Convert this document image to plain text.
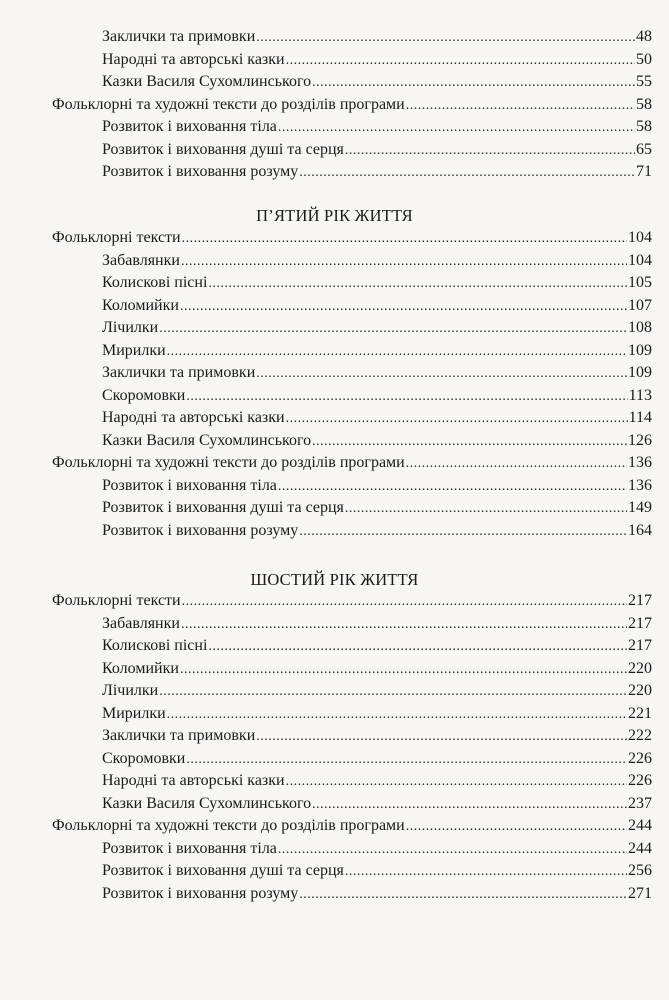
Заклички та примовки .....	48
Народні та авторські казки .....	50
Казки Василя Сухомлинського .....	55
Фольклорні та художні тексти до розділів програми .....	58
Розвиток і виховання тіла .....	58
Розвиток і виховання душі та серця .....	65
Розвиток і виховання розуму .....	71
П’ЯТИЙ РІК ЖИТТЯ
Фольклорні тексти .....	104
Забавлянки .....	104
Колискові пісні .....	105
Коломийки .....	107
Лічилки .....	108
Мирилки .....	109
Заклички та примовки .....	109
Скоромовки .....	113
Народні та авторські казки .....	114
Казки Василя Сухомлинського .....	126
Фольклорні та художні тексти до розділів програми .....	136
Розвиток і виховання тіла .....	136
Розвиток і виховання душі та серця .....	149
Розвиток і виховання розуму .....	164
ШОСТИЙ РІК ЖИТТЯ
Фольклорні тексти .....	217
Забавлянки .....	217
Колискові пісні .....	217
Коломийки .....	220
Лічилки .....	220
Мирилки .....	221
Заклички та примовки .....	222
Скоромовки .....	226
Народні та авторські казки .....	226
Казки Василя Сухомлинського .....	237
Фольклорні та художні тексти до розділів програми .....	244
Розвиток і виховання тіла .....	244
Розвиток і виховання душі та серця .....	256
Розвиток і виховання розуму .....	271
